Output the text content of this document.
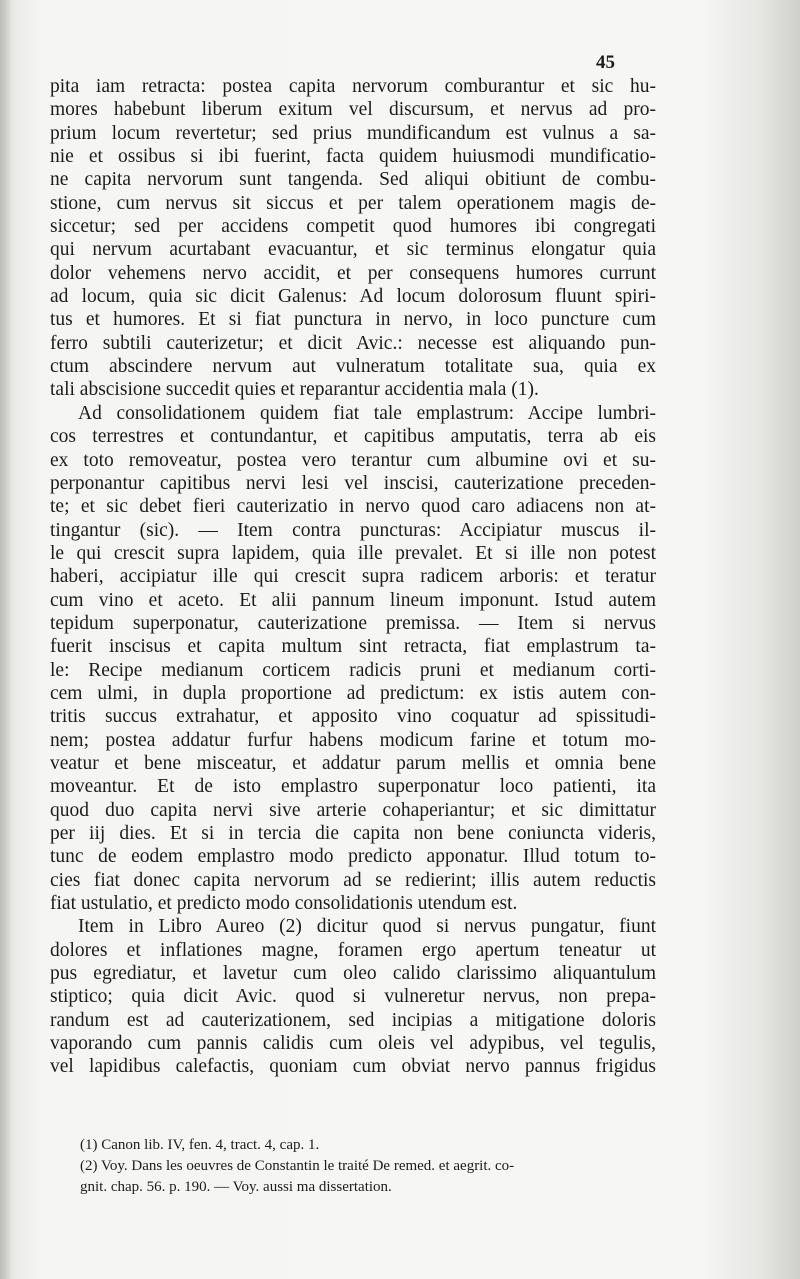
45
pita iam retracta: postea capita nervorum comburantur et sic hu-
mores habebunt liberum exitum vel discursum, et nervus ad pro-
prium locum revertetur; sed prius mundificandum est vulnus a sa-
nie et ossibus si ibi fuerint, facta quidem huiusmodi mundificatio-
ne capita nervorum sunt tangenda. Sed aliqui obitiunt de combu-
stione, cum nervus sit siccus et per talem operationem magis de-
siccetur; sed per accidens competit quod humores ibi congregati
qui nervum acurtabant evacuantur, et sic terminus elongatur quia
dolor vehemens nervo accidit, et per consequens humores currunt
ad locum, quia sic dicit Galenus: Ad locum dolorosum fluunt spiri-
tus et humores. Et si fiat punctura in nervo, in loco puncture cum
ferro subtili cauterizetur; et dicit Avic.: necesse est aliquando pun-
ctum abscindere nervum aut vulneratum totalitate sua, quia ex
tali abscisione succedit quies et reparantur accidentia mala (1).
Ad consolidationem quidem fiat tale emplastrum: Accipe lumbri-
cos terrestres et contundantur, et capitibus amputatis, terra ab eis
ex toto removeatur, postea vero terantur cum albumine ovi et su-
perponantur capitibus nervi lesi vel inscisi, cauterizatione preceden-
te; et sic debet fieri cauterizatio in nervo quod caro adiacens non at-
tingantur (sic). — Item contra puncturas: Accipiatur muscus il-
le qui crescit supra lapidem, quia ille prevalet. Et si ille non potest
haberi, accipiatur ille qui crescit supra radicem arboris: et teratur
cum vino et aceto. Et alii pannum lineum imponunt. Istud autem
tepidum superponatur, cauterizatione premissa. — Item si nervus
fuerit inscisus et capita multum sint retracta, fiat emplastrum ta-
le: Recipe medianum corticem radicis pruni et medianum corti-
cem ulmi, in dupla proportione ad predictum: ex istis autem con-
tritis succus extrahatur, et apposito vino coquatur ad spissitudi-
nem; postea addatur furfur habens modicum farine et totum mo-
veatur et bene misceatur, et addatur parum mellis et omnia bene
moveantur. Et de isto emplastro superponatur loco patienti, ita
quod duo capita nervi sive arterie cohaperiantur; et sic dimittatur
per iij dies. Et si in tercia die capita non bene coniuncta videris,
tunc de eodem emplastro modo predicto apponatur. Illud totum to-
cies fiat donec capita nervorum ad se redierint; illis autem reductis
fiat ustulatio, et predicto modo consolidationis utendum est.
Item in Libro Aureo (2) dicitur quod si nervus pungatur, fiunt
dolores et inflationes magne, foramen ergo apertum teneatur ut
pus egrediatur, et lavetur cum oleo calido clarissimo aliquantulum
stiptico; quia dicit Avic. quod si vulneretur nervus, non prepa-
randum est ad cauterizationem, sed incipias a mitigatione doloris
vaporando cum pannis calidis cum oleis vel adypibus, vel tegulis,
vel lapidibus calefactis, quoniam cum obviat nervo pannus frigidus
(1) Canon lib. IV, fen. 4, tract. 4, cap. 1.
(2) Voy. Dans les oeuvres de Constantin le traité De remed. et aegrit. co-
gnit. chap. 56. p. 190. — Voy. aussi ma dissertation.
